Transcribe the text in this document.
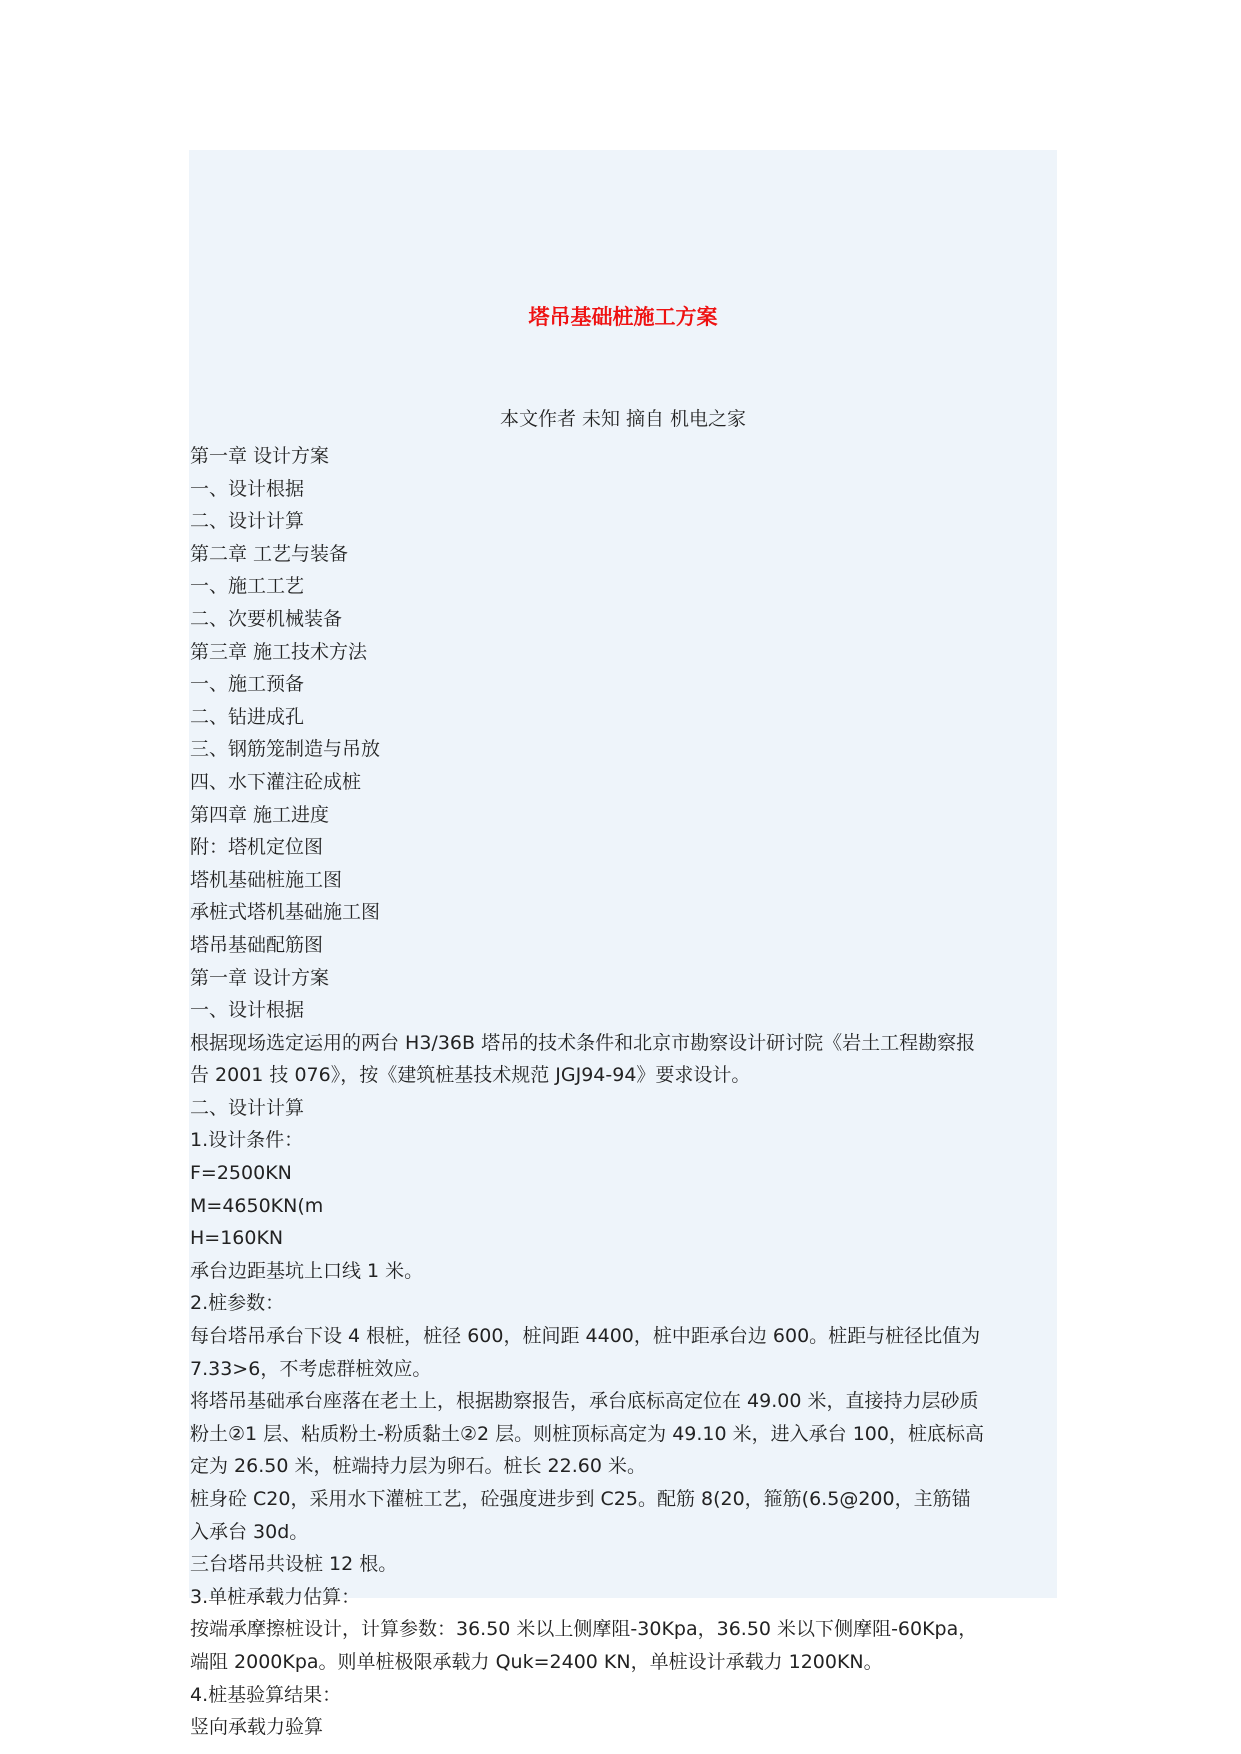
塔吊基础桩施工方案
本文作者 未知 摘自 机电之家
第一章 设计方案
一、设计根据
二、设计计算
第二章 工艺与装备
一、施工工艺
二、次要机械装备
第三章 施工技术方法
一、施工预备
二、钻进成孔
三、钢筋笼制造与吊放
四、水下灌注砼成桩
第四章 施工进度
附：塔机定位图
塔机基础桩施工图
承桩式塔机基础施工图
塔吊基础配筋图
第一章 设计方案
一、设计根据
根据现场选定运用的两台 H3/36B 塔吊的技术条件和北京市勘察设计研讨院《岩土工程勘察报
告 2001 技 076》，按《建筑桩基技术规范 JGJ94-94》要求设计。
二、设计计算
1.设计条件：
F=2500KN
M=4650KN(m
H=160KN
承台边距基坑上口线 1 米。
2.桩参数：
每台塔吊承台下设 4 根桩，桩径 600，桩间距 4400，桩中距承台边 600。桩距与桩径比值为
7.33>6，不考虑群桩效应。
将塔吊基础承台座落在老土上，根据勘察报告，承台底标高定位在 49.00 米，直接持力层砂质
粉土②1 层、粘质粉土-粉质黏土②2 层。则桩顶标高定为 49.10 米，进入承台 100，桩底标高
定为 26.50 米，桩端持力层为卵石。桩长 22.60 米。
桩身砼 C20，采用水下灌桩工艺，砼强度进步到 C25。配筋 8(20，箍筋(6.5@200，主筋锚
入承台 30d。
三台塔吊共设桩 12 根。
3.单桩承载力估算：
按端承摩擦桩设计，计算参数：36.50 米以上侧摩阻-30Kpa，36.50 米以下侧摩阻-60Kpa，
端阻 2000Kpa。则单桩极限承载力 Quk=2400 KN，单桩设计承载力 1200KN。
4.桩基验算结果：
竖向承载力验算
